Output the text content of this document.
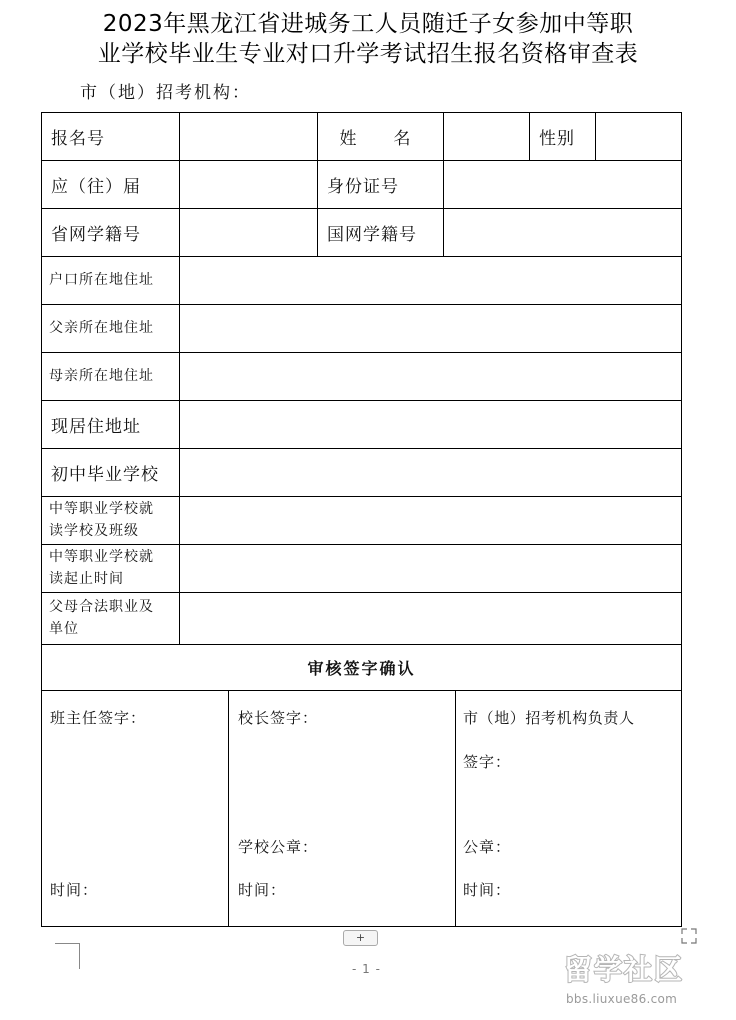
2023年黑龙江省进城务工人员随迁子女参加中等职
业学校毕业生专业对口升学考试招生报名资格审查表
市（地）招考机构：
报名号	姓　名	性别
应（往）届	身份证号
省网学籍号	国网学籍号
户口所在地住址
父亲所在地住址
母亲所在地住址
现居住地址
初中毕业学校
中等职业学校就
读学校及班级
中等职业学校就
读起止时间
父母合法职业及
单位
审核签字确认
班主任签字：
时间：
校长签字：
学校公章：
时间：
市（地）招考机构负责人
签字：
公章：
时间：
+
- 1 -	留学社区
bbs.liuxue86.com
